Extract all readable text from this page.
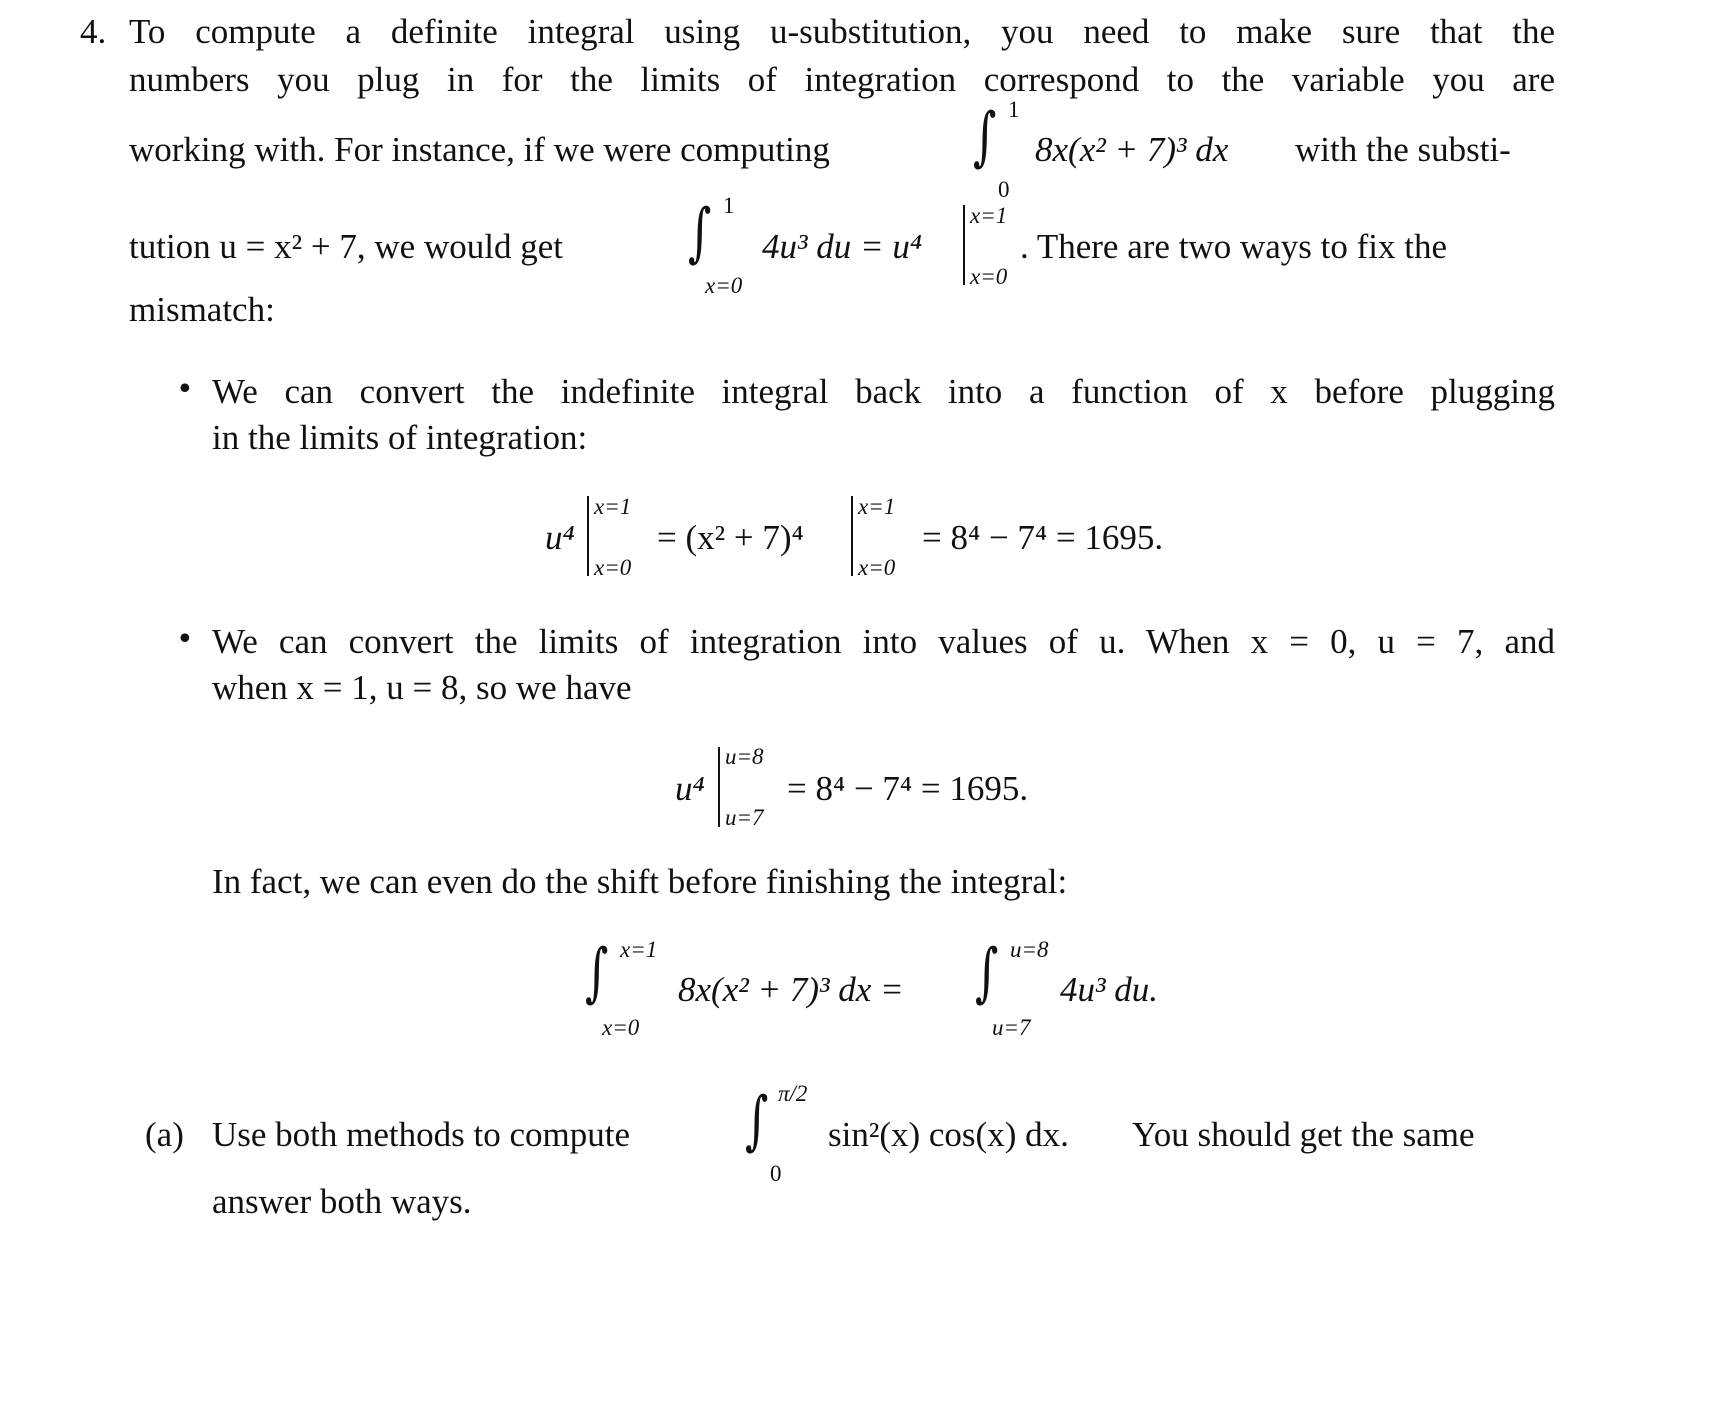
4. To compute a definite integral using u-substitution, you need to make sure that the
numbers you plug in for the limits of integration correspond to the variable you are
working with. For instance, if we were computing ∫ 1
0
8x(x² + 7)³ dx with the substi-
tution u = x² + 7, we would get ∫ 1
x=0
4u³ du = u⁴
x=1
x=0
. There are two ways to fix the
mismatch:
• We can convert the indefinite integral back into a function of x before plugging
in the limits of integration:
u⁴
x=1
x=0
= (x² + 7)⁴
x=1
x=0
= 8⁴ − 7⁴ = 1695.
• We can convert the limits of integration into values of u. When x = 0, u = 7, and
when x = 1, u = 8, so we have
u⁴
u=8
u=7
= 8⁴ − 7⁴ = 1695.
In fact, we can even do the shift before finishing the integral:
∫ x=1
x=0
8x(x² + 7)³ dx = ∫ u=8
u=7
4u³ du.
(a) Use both methods to compute ∫ π/2
0
sin²(x) cos(x) dx. You should get the same
answer both ways.
